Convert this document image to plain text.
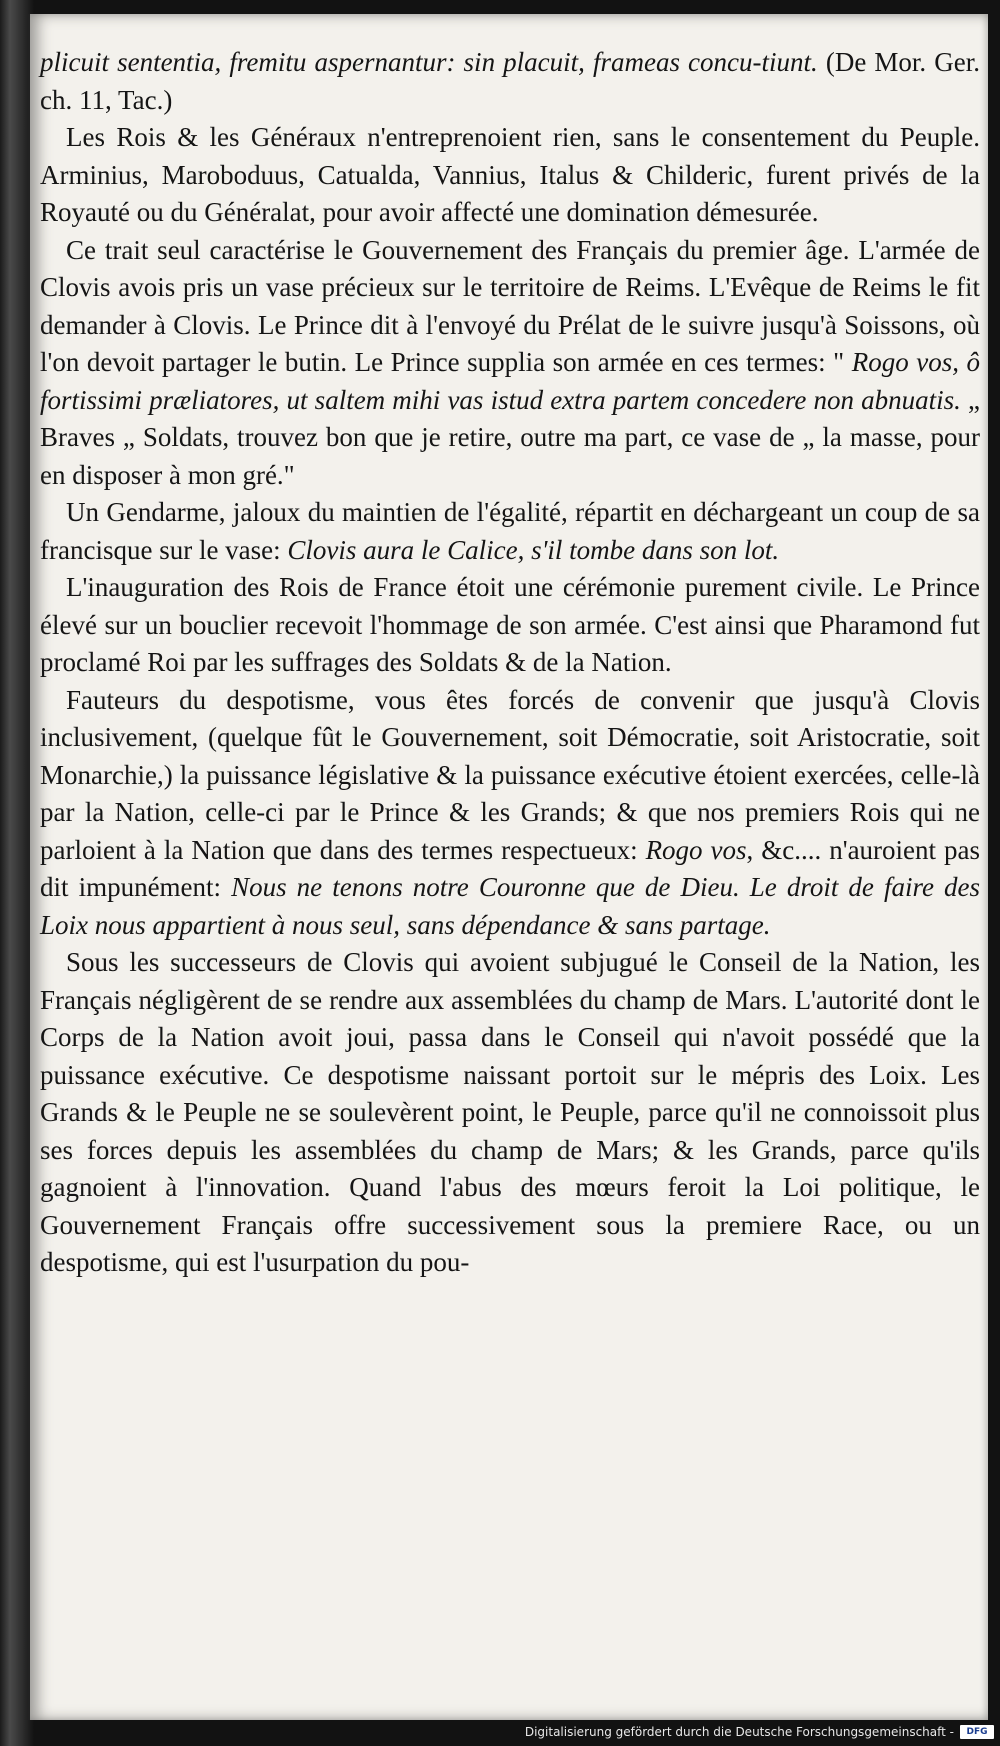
plicuit sententia, fremitu aspernantur: sin placuit, frameas concu-tiunt. (De Mor. Ger. ch. 11, Tac.)

Les Rois & les Généraux n'entreprenoient rien, sans le consentement du Peuple. Arminius, Maroboduus, Catualda, Vannius, Italus & Childeric, furent privés de la Royauté ou du Généralat, pour avoir affecté une domination démesurée.

Ce trait seul caractérise le Gouvernement des Français du premier âge. L'armée de Clovis avois pris un vase précieux sur le territoire de Reims. L'Evêque de Reims le fit demander à Clovis. Le Prince dit à l'envoyé du Prélat de le suivre jusqu'à Soissons, où l'on devoit partager le butin. Le Prince supplia son armée en ces termes: " Rogo vos, ô fortissimi præliatores, ut saltem mihi vas istud extra partem concedere non abnuatis. „ Braves „ Soldats, trouvez bon que je retire, outre ma part, ce vase de „ la masse, pour en disposer à mon gré."

Un Gendarme, jaloux du maintien de l'égalité, répartit en déchargeant un coup de sa francisque sur le vase: Clovis aura le Calice, s'il tombe dans son lot.

L'inauguration des Rois de France étoit une cérémonie purement civile. Le Prince élevé sur un bouclier recevoit l'hommage de son armée. C'est ainsi que Pharamond fut proclamé Roi par les suffrages des Soldats & de la Nation.

Fauteurs du despotisme, vous êtes forcés de convenir que jusqu'à Clovis inclusivement, (quelque fût le Gouvernement, soit Démocratie, soit Aristocratie, soit Monarchie,) la puissance législative & la puissance exécutive étoient exercées, celle-là par la Nation, celle-ci par le Prince & les Grands; & que nos premiers Rois qui ne parloient à la Nation que dans des termes respectueux: Rogo vos, &c.... n'auroient pas dit impunément: Nous ne tenons notre Couronne que de Dieu. Le droit de faire des Loix nous appartient à nous seul, sans dépendance & sans partage.

Sous les successeurs de Clovis qui avoient subjugué le Conseil de la Nation, les Français négligèrent de se rendre aux assemblées du champ de Mars. L'autorité dont le Corps de la Nation avoit joui, passa dans le Conseil qui n'avoit possédé que la puissance exécutive. Ce despotisme naissant portoit sur le mépris des Loix. Les Grands & le Peuple ne se soulevèrent point, le Peuple, parce qu'il ne connoissoit plus ses forces depuis les assemblées du champ de Mars; & les Grands, parce qu'ils gagnoient à l'innovation. Quand l'abus des mœurs feroit la Loi politique, le Gouvernement Français offre successivement sous la premiere Race, ou un despotisme, qui est l'usurpation du pou-

Digitalisierung gefördert durch die Deutsche Forschungsgemeinschaft -	DFG
